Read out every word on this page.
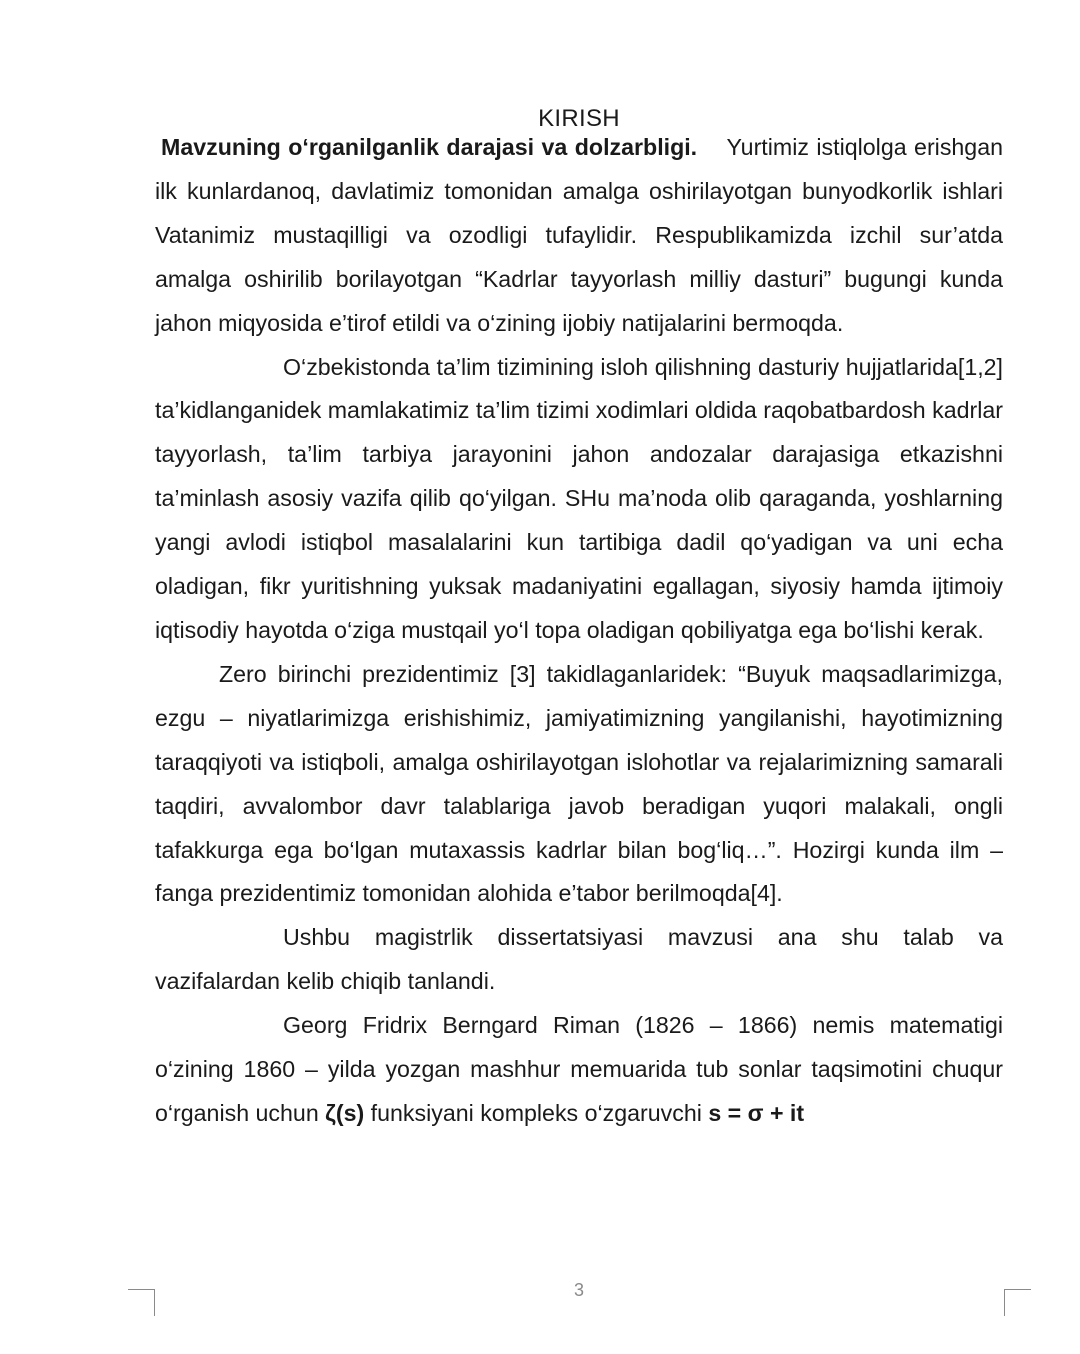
KIRISH

Mavzuning o‘rganilganlik darajasi va dolzarbligi. Yurtimiz istiqlolga erishgan ilk kunlardanoq, davlatimiz tomonidan amalga oshirilayotgan bunyodkorlik ishlari Vatanimiz mustaqilligi va ozodligi tufaylidir. Respublikamizda izchil sur’atda amalga oshirilib borilayotgan “Kadrlar tayyorlash milliy dasturi” bugungi kunda jahon miqyosida e’tirof etildi va o‘zining ijobiy natijalarini bermoqda.

O‘zbekistonda ta’lim tizimining isloh qilishning dasturiy hujjatlarida[1,2] ta’kidlanganidek mamlakatimiz ta’lim tizimi xodimlari oldida raqobatbardosh kadrlar tayyorlash, ta’lim tarbiya jarayonini jahon andozalar darajasiga etkazishni ta’minlash asosiy vazifa qilib qo‘yilgan. SHu ma’noda olib qaraganda, yoshlarning yangi avlodi istiqbol masalalarini kun tartibiga dadil qo‘yadigan va uni echa oladigan, fikr yuritishning yuksak madaniyatini egallagan, siyosiy hamda ijtimoiy iqtisodiy hayotda o‘ziga mustqail yo‘l topa oladigan qobiliyatga ega bo‘lishi kerak.

Zero birinchi prezidentimiz [3] takidlaganlaridek: “Buyuk maqsadlarimizga, ezgu – niyatlarimizga erishishimiz, jamiyatimizning yangilanishi, hayotimizning taraqqiyoti va istiqboli, amalga oshirilayotgan islohotlar va rejalarimizning samarali taqdiri, avvalombor davr talablariga javob beradigan yuqori malakali, ongli tafakkurga ega bo‘lgan mutaxassis kadrlar bilan bog‘liq…”. Hozirgi kunda ilm – fanga prezidentimiz tomonidan alohida e’tabor berilmoqda[4].

Ushbu magistrlik dissertatsiyasi mavzusi ana shu talab va vazifalardan kelib chiqib tanlandi.

Georg Fridrix Berngard Riman (1826 – 1866) nemis matematigi o‘zining 1860 – yilda yozgan mashhur memuarida tub sonlar taqsimotini chuqur o‘rganish uchun ζ(s) funksiyani kompleks o‘zgaruvchi s = σ + it

3
